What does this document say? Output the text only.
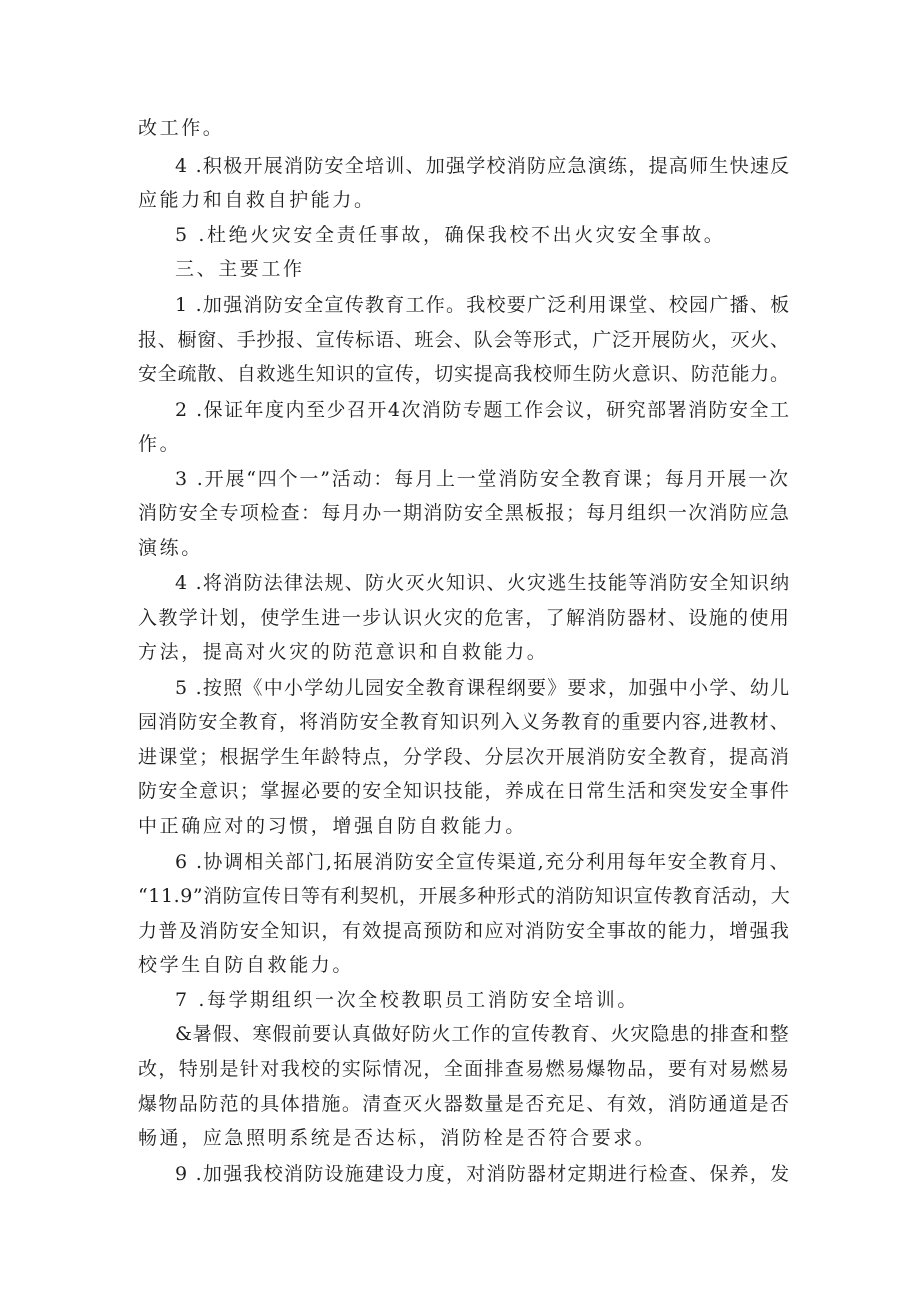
改工作。
4 .积极开展消防安全培训、加强学校消防应急演练，提高师生快速反
应能力和自救自护能力。
5 .杜绝火灾安全责任事故，确保我校不出火灾安全事故。
三、主要工作
1 .加强消防安全宣传教育工作。我校要广泛利用课堂、校园广播、板
报、橱窗、手抄报、宣传标语、班会、队会等形式，广泛开展防火，灭火、
安全疏散、自救逃生知识的宣传，切实提高我校师生防火意识、防范能力。
2 .保证年度内至少召开4次消防专题工作会议，研究部署消防安全工
作。
3 .开展“四个一”活动：每月上一堂消防安全教育课；每月开展一次
消防安全专项检查：每月办一期消防安全黑板报；每月组织一次消防应急
演练。
4 .将消防法律法规、防火灭火知识、火灾逃生技能等消防安全知识纳
入教学计划，使学生进一步认识火灾的危害，了解消防器材、设施的使用
方法，提高对火灾的防范意识和自救能力。
5 .按照《中小学幼儿园安全教育课程纲要》要求，加强中小学、幼儿
园消防安全教育，将消防安全教育知识列入义务教育的重要内容,进教材、
进课堂；根据学生年龄特点，分学段、分层次开展消防安全教育，提高消
防安全意识；掌握必要的安全知识技能，养成在日常生活和突发安全事件
中正确应对的习惯，增强自防自救能力。
6 .协调相关部门,拓展消防安全宣传渠道,充分利用每年安全教育月、
“11.9”消防宣传日等有利契机，开展多种形式的消防知识宣传教育活动，大
力普及消防安全知识，有效提高预防和应对消防安全事故的能力，增强我
校学生自防自救能力。
7 .每学期组织一次全校教职员工消防安全培训。
&暑假、寒假前要认真做好防火工作的宣传教育、火灾隐患的排查和整
改，特别是针对我校的实际情况，全面排查易燃易爆物品，要有对易燃易
爆物品防范的具体措施。清查灭火器数量是否充足、有效，消防通道是否
畅通，应急照明系统是否达标，消防栓是否符合要求。
9 .加强我校消防设施建设力度，对消防器材定期进行检查、保养，发
